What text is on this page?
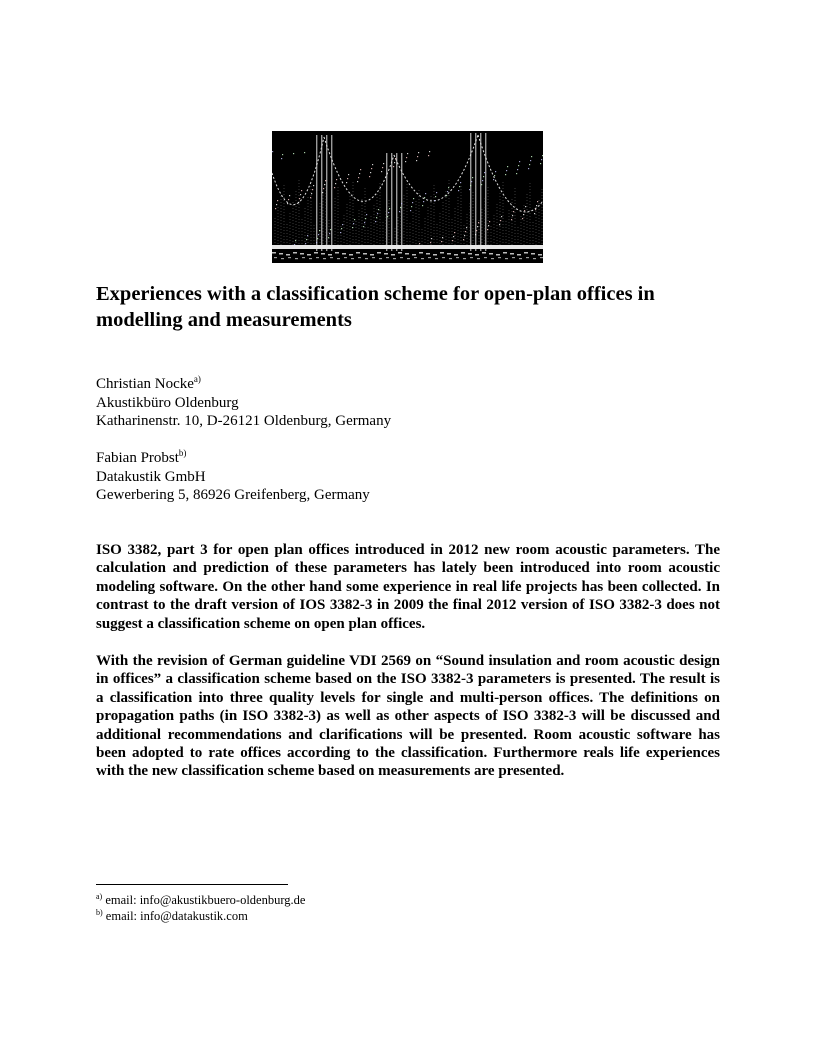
Experiences with a classification scheme for open-plan offices in modelling and measurements
Christian Nocke$^{a)}$
Akustikbüro Oldenburg
Katharinenstr. 10, D-26121 Oldenburg, Germany
Fabian Probst$^{b)}$
Datakustik GmbH
Gewerbering 5, 86926 Greifenberg, Germany

ISO 3382, part 3 for open plan offices introduced in 2012 new room acoustic parameters. The calculation and prediction of these parameters has lately been introduced into room acoustic modeling software. On the other hand some experience in real life projects has been collected. In contrast to the draft version of IOS 3382-3 in 2009 the final 2012 version of ISO 3382-3 does not suggest a classification scheme on open plan offices.

With the revision of German guideline VDI 2569 on “Sound insulation and room acoustic design in offices” a classification scheme based on the ISO 3382-3 parameters is presented. The result is a classification into three quality levels for single and multi-person offices. The definitions on propagation paths (in ISO 3382-3) as well as other aspects of ISO 3382-3 will be discussed and additional recommendations and clarifications will be presented. Room acoustic software has been adopted to rate offices according to the classification. Furthermore reals life experiences with the new classification scheme based on measurements are presented.

$^{a)}$ email: info@akustikbuero-oldenburg.de
$^{b)}$ email: info@datakustik.com
